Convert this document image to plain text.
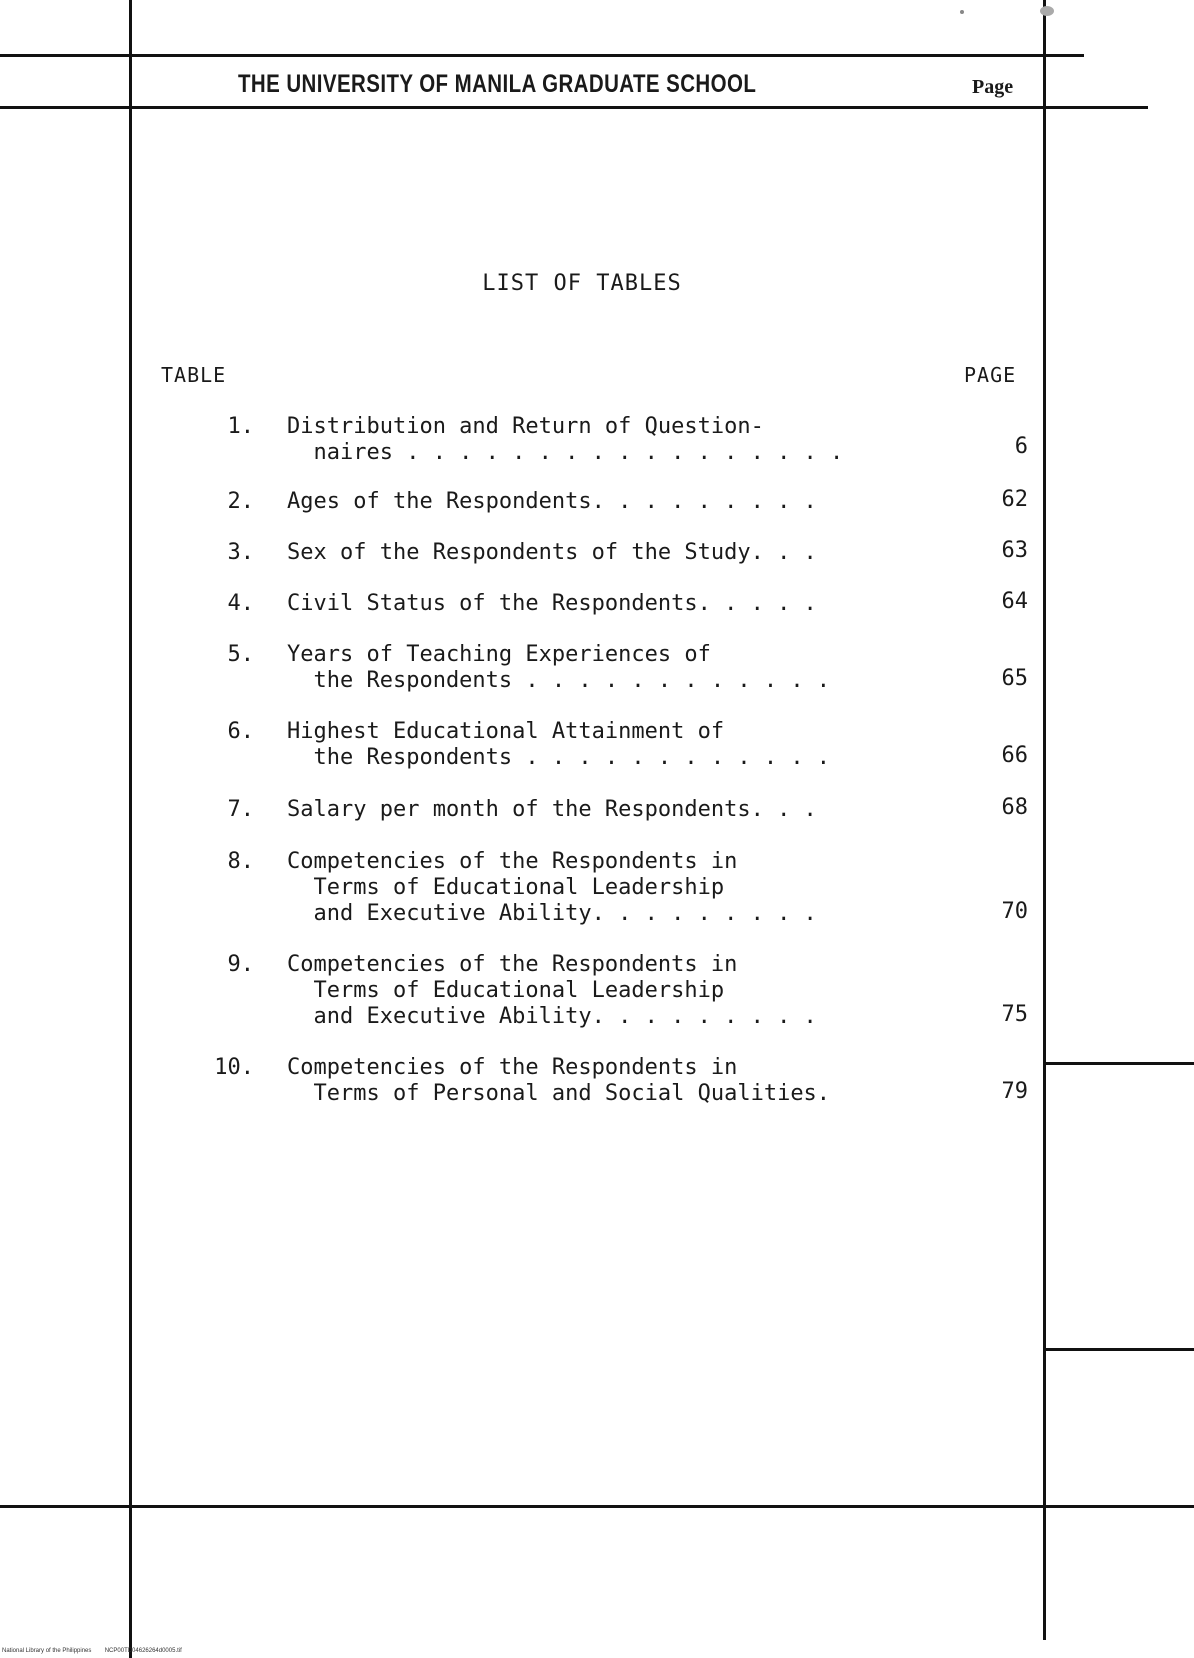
THE UNIVERSITY OF MANILA GRADUATE SCHOOL	Page
LIST OF TABLES
TABLE	PAGE
1. Distribution and Return of Question-
naires . . . . . . . . . . . . . . . . .	6
2. Ages of the Respondents. . . . . . . . .	62
3. Sex of the Respondents of the Study. . .	63
4. Civil Status of the Respondents. . . . .	64
5. Years of Teaching Experiences of
the Respondents . . . . . . . . . . . .	65
6. Highest Educational Attainment of
the Respondents . . . . . . . . . . . .	66
7. Salary per month of the Respondents. . .	68
8. Competencies of the Respondents in
Terms of Educational Leadership
and Executive Ability. . . . . . . . .	70
9. Competencies of the Respondents in
Terms of Educational Leadership
and Executive Ability. . . . . . . . .	75
10. Competencies of the Respondents in
Terms of Personal and Social Qualities.	79
National Library of the Philippines        NCP00TD04626264d0005.tif
